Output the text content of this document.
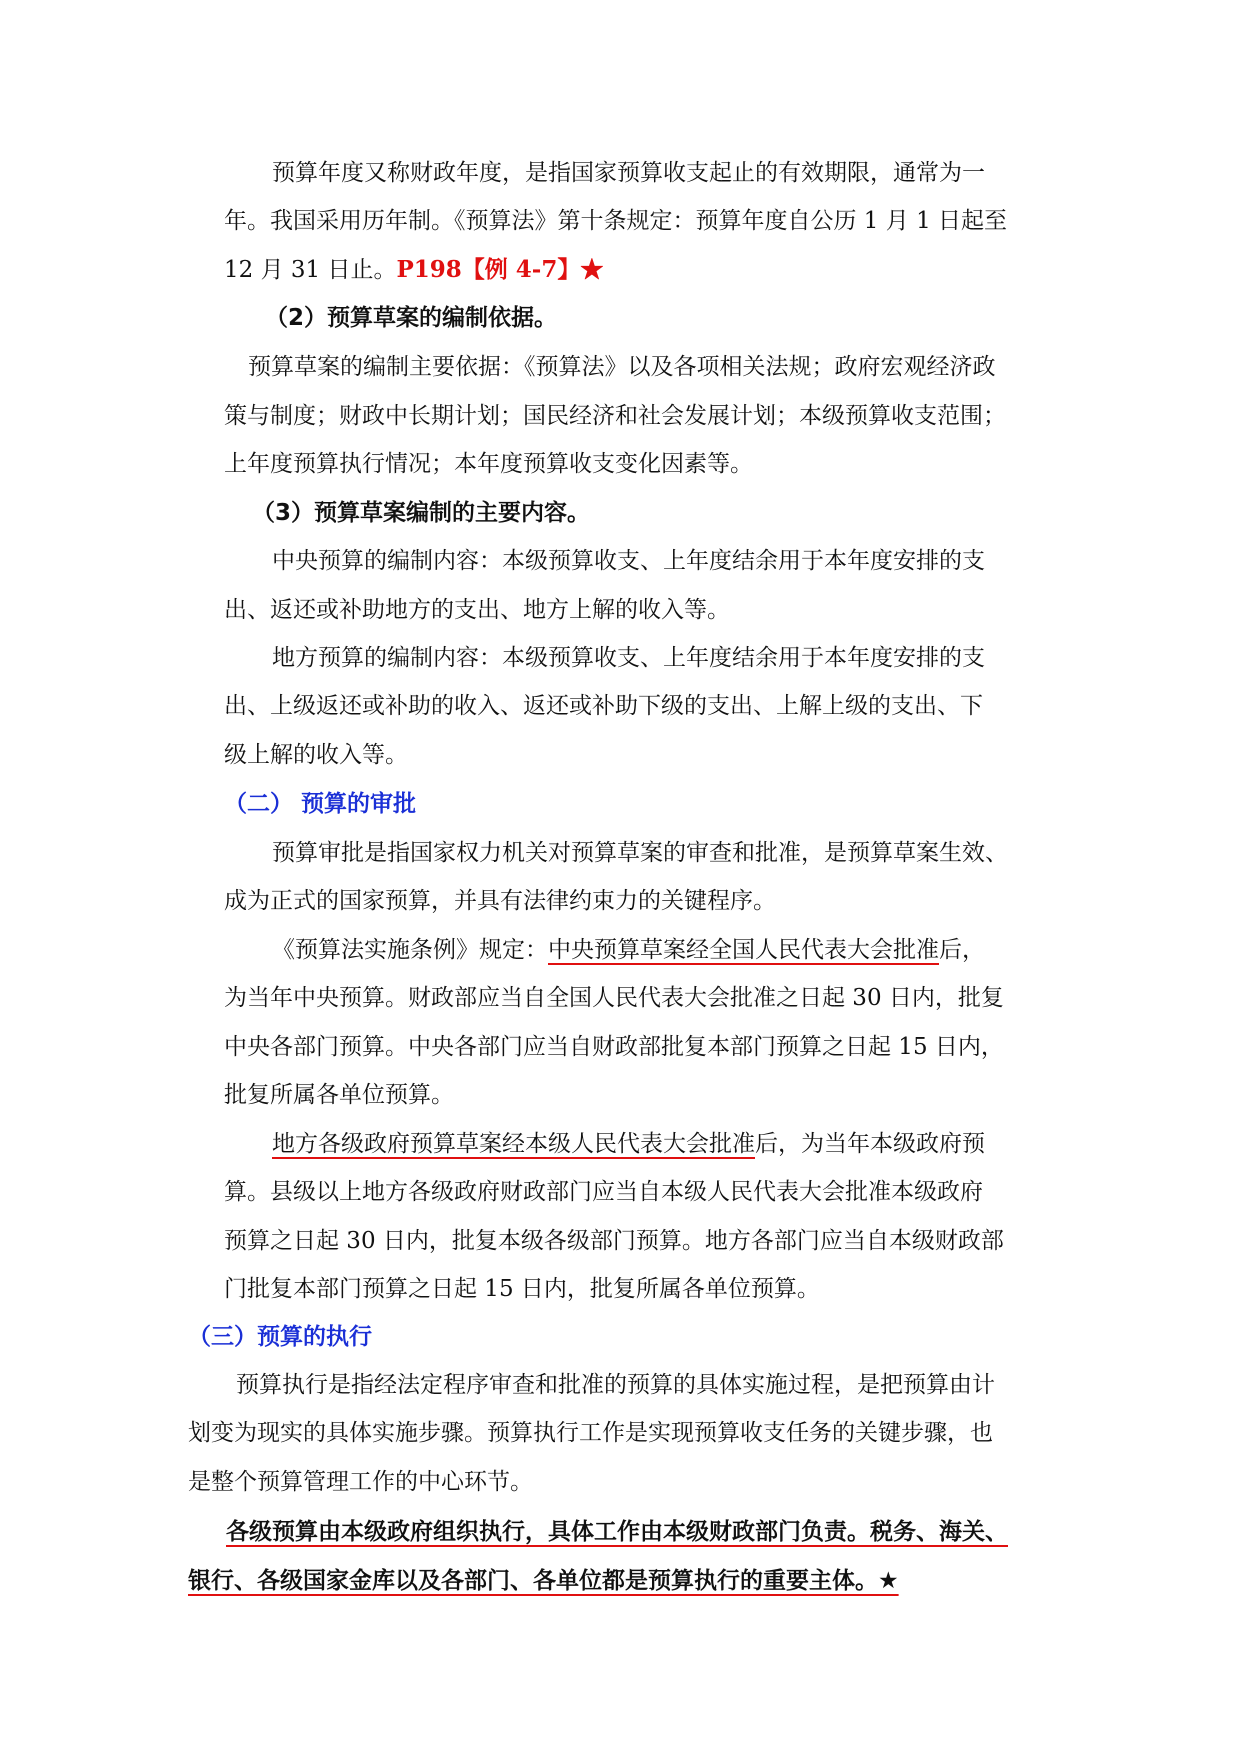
预算年度又称财政年度，是指国家预算收支起止的有效期限，通常为一
年。我国采用历年制。《预算法》第十条规定：预算年度自公历 1 月 1 日起至
12 月 31 日止。P198【例 4-7】★
（2）预算草案的编制依据。
预算草案的编制主要依据：《预算法》以及各项相关法规；政府宏观经济政
策与制度；财政中长期计划；国民经济和社会发展计划；本级预算收支范围；
上年度预算执行情况；本年度预算收支变化因素等。
（3）预算草案编制的主要内容。
中央预算的编制内容：本级预算收支、上年度结余用于本年度安排的支
出、返还或补助地方的支出、地方上解的收入等。
地方预算的编制内容：本级预算收支、上年度结余用于本年度安排的支
出、上级返还或补助的收入、返还或补助下级的支出、上解上级的支出、下
级上解的收入等。
（二） 预算的审批
预算审批是指国家权力机关对预算草案的审查和批准，是预算草案生效、
成为正式的国家预算，并具有法律约束力的关键程序。
《预算法实施条例》规定：中央预算草案经全国人民代表大会批准后，
为当年中央预算。财政部应当自全国人民代表大会批准之日起 30 日内，批复
中央各部门预算。中央各部门应当自财政部批复本部门预算之日起 15 日内，
批复所属各单位预算。
地方各级政府预算草案经本级人民代表大会批准后，为当年本级政府预
算。县级以上地方各级政府财政部门应当自本级人民代表大会批准本级政府
预算之日起 30 日内，批复本级各级部门预算。地方各部门应当自本级财政部
门批复本部门预算之日起 15 日内，批复所属各单位预算。
（三）预算的执行
预算执行是指经法定程序审查和批准的预算的具体实施过程，是把预算由计
划变为现实的具体实施步骤。预算执行工作是实现预算收支任务的关键步骤，也
是整个预算管理工作的中心环节。
各级预算由本级政府组织执行，具体工作由本级财政部门负责。税务、海关、
银行、各级国家金库以及各部门、各单位都是预算执行的重要主体。★
